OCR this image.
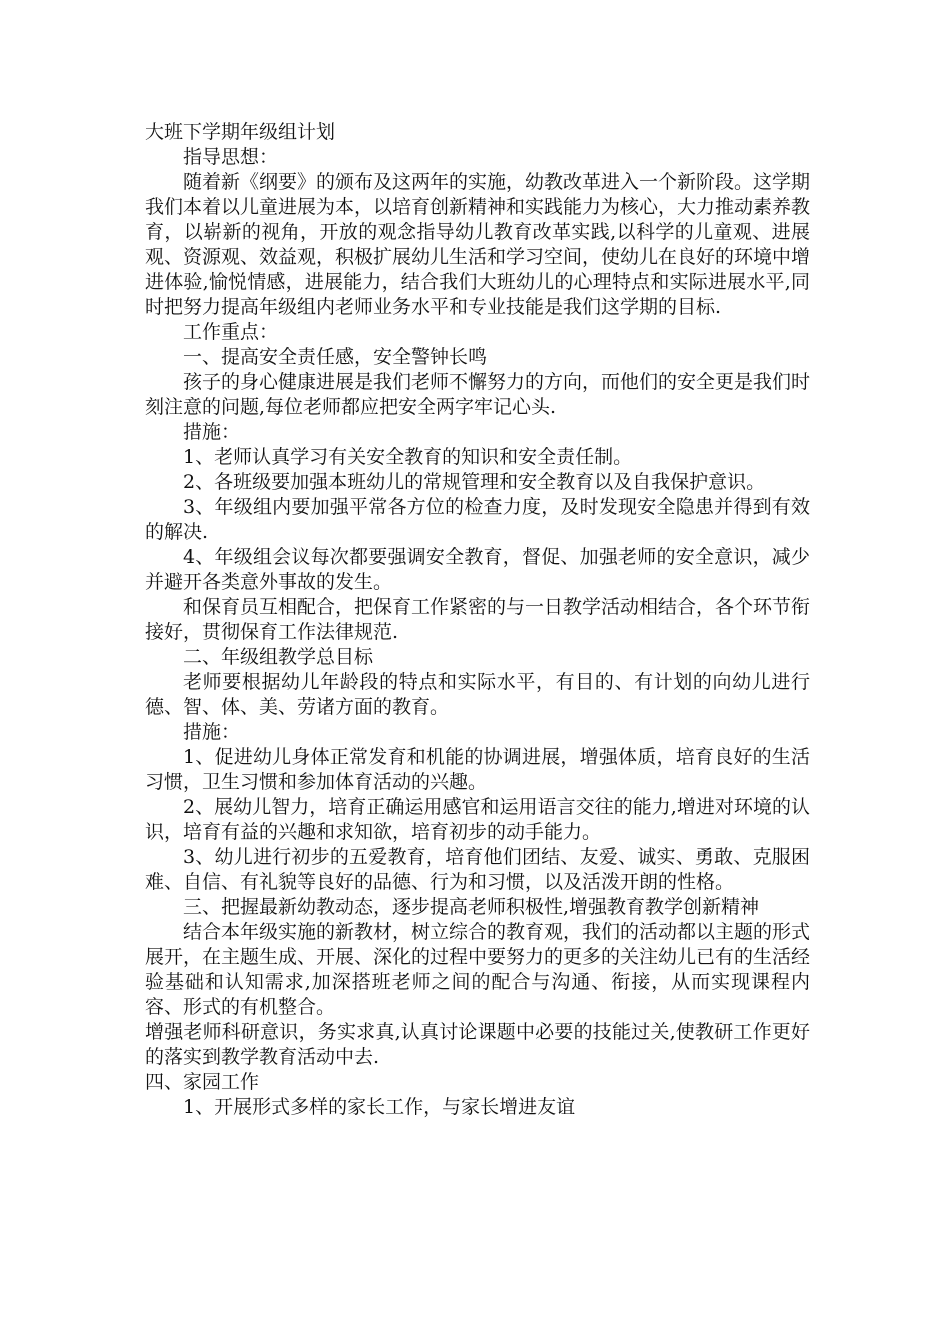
大班下学期年级组计划

指导思想：

随着新《纲要》的颁布及这两年的实施，幼教改革进入一个新阶段。这学期我们本着以儿童进展为本，以培育创新精神和实践能力为核心，大力推动素养教育，以崭新的视角，开放的观念指导幼儿教育改革实践,以科学的儿童观、进展观、资源观、效益观，积极扩展幼儿生活和学习空间，使幼儿在良好的环境中增进体验,愉悦情感，进展能力，结合我们大班幼儿的心理特点和实际进展水平,同时把努力提高年级组内老师业务水平和专业技能是我们这学期的目标.

工作重点：

一、提高安全责任感，安全警钟长鸣

孩子的身心健康进展是我们老师不懈努力的方向，而他们的安全更是我们时刻注意的问题,每位老师都应把安全两字牢记心头.

措施：

1、老师认真学习有关安全教育的知识和安全责任制。

2、各班级要加强本班幼儿的常规管理和安全教育以及自我保护意识。

3、年级组内要加强平常各方位的检查力度，及时发现安全隐患并得到有效的解决.

4、年级组会议每次都要强调安全教育，督促、加强老师的安全意识，减少并避开各类意外事故的发生。

和保育员互相配合，把保育工作紧密的与一日教学活动相结合，各个环节衔接好，贯彻保育工作法律规范.

二、年级组教学总目标

老师要根据幼儿年龄段的特点和实际水平，有目的、有计划的向幼儿进行德、智、体、美、劳诸方面的教育。

措施：

1、促进幼儿身体正常发育和机能的协调进展，增强体质，培育良好的生活习惯，卫生习惯和参加体育活动的兴趣。

2、展幼儿智力，培育正确运用感官和运用语言交往的能力,增进对环境的认识，培育有益的兴趣和求知欲，培育初步的动手能力。

3、幼儿进行初步的五爱教育，培育他们团结、友爱、诚实、勇敢、克服困难、自信、有礼貌等良好的品德、行为和习惯，以及活泼开朗的性格。

三、把握最新幼教动态，逐步提高老师积极性,增强教育教学创新精神

结合本年级实施的新教材，树立综合的教育观，我们的活动都以主题的形式展开，在主题生成、开展、深化的过程中要努力的更多的关注幼儿已有的生活经验基础和认知需求,加深搭班老师之间的配合与沟通、衔接，从而实现课程内容、形式的有机整合。

增强老师科研意识，务实求真,认真讨论课题中必要的技能过关,使教研工作更好的落实到教学教育活动中去.

四、家园工作

1、开展形式多样的家长工作，与家长增进友谊
